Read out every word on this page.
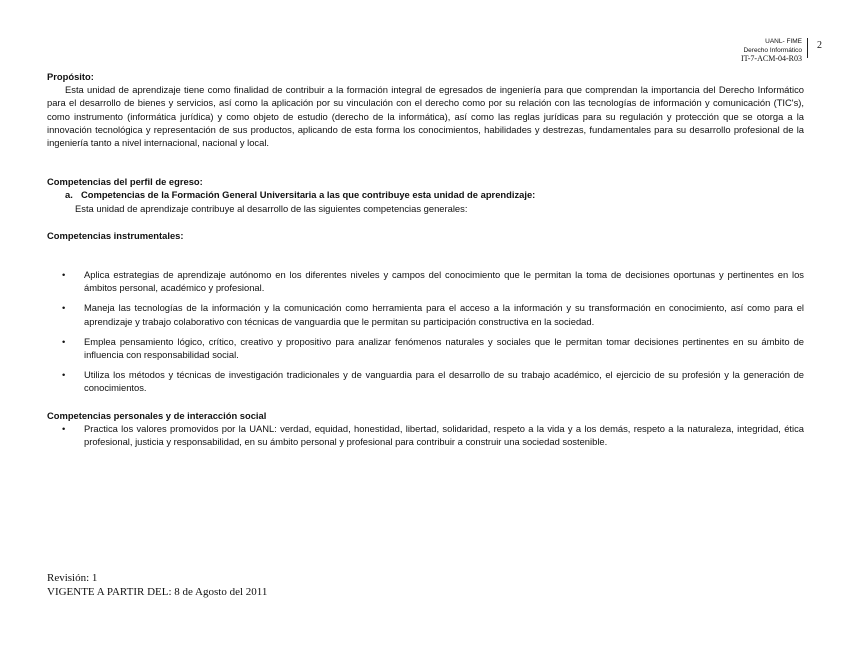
UANL- FIME
Derecho Informático
IT-7-ACM-04-R03
2
Propósito:

Esta unidad de aprendizaje tiene como finalidad de contribuir a la formación integral de egresados de ingeniería para que comprendan la importancia del Derecho Informático para el desarrollo de bienes y servicios, así como la aplicación por su vinculación con el derecho como por su relación con las tecnologías de información y comunicación (TIC's), como instrumento (informática jurídica) y como objeto de estudio (derecho de la informática), así como las reglas jurídicas para su regulación y protección que se otorga a la innovación tecnológica y representación de sus productos, aplicando de esta forma los conocimientos, habilidades y destrezas, fundamentales para su desarrollo profesional de la ingeniería tanto a nivel internacional, nacional y local.

Competencias del perfil de egreso:
a. Competencias de la Formación General Universitaria a las que contribuye esta unidad de aprendizaje:
Esta unidad de aprendizaje contribuye al desarrollo de las siguientes competencias generales:
Competencias instrumentales:
• Aplica estrategias de aprendizaje autónomo en los diferentes niveles y campos del conocimiento que le permitan la toma de decisiones oportunas y pertinentes en los ámbitos personal, académico y profesional.
• Maneja las tecnologías de la información y la comunicación como herramienta para el acceso a la información y su transformación en conocimiento, así como para el aprendizaje y trabajo colaborativo con técnicas de vanguardia que le permitan su participación constructiva en la sociedad.
• Emplea pensamiento lógico, crítico, creativo y propositivo para analizar fenómenos naturales y sociales que le permitan tomar decisiones pertinentes en su ámbito de influencia con responsabilidad social.
• Utiliza los métodos y técnicas de investigación tradicionales y de vanguardia para el desarrollo de su trabajo académico, el ejercicio de su profesión y la generación de conocimientos.
Competencias personales y de interacción social
• Practica los valores promovidos por la UANL: verdad, equidad, honestidad, libertad, solidaridad, respeto a la vida y a los demás, respeto a la naturaleza, integridad, ética profesional, justicia y responsabilidad, en su ámbito personal y profesional para contribuir a construir una sociedad sostenible.
Revisión: 1
VIGENTE A PARTIR DEL: 8 de Agosto del 2011
